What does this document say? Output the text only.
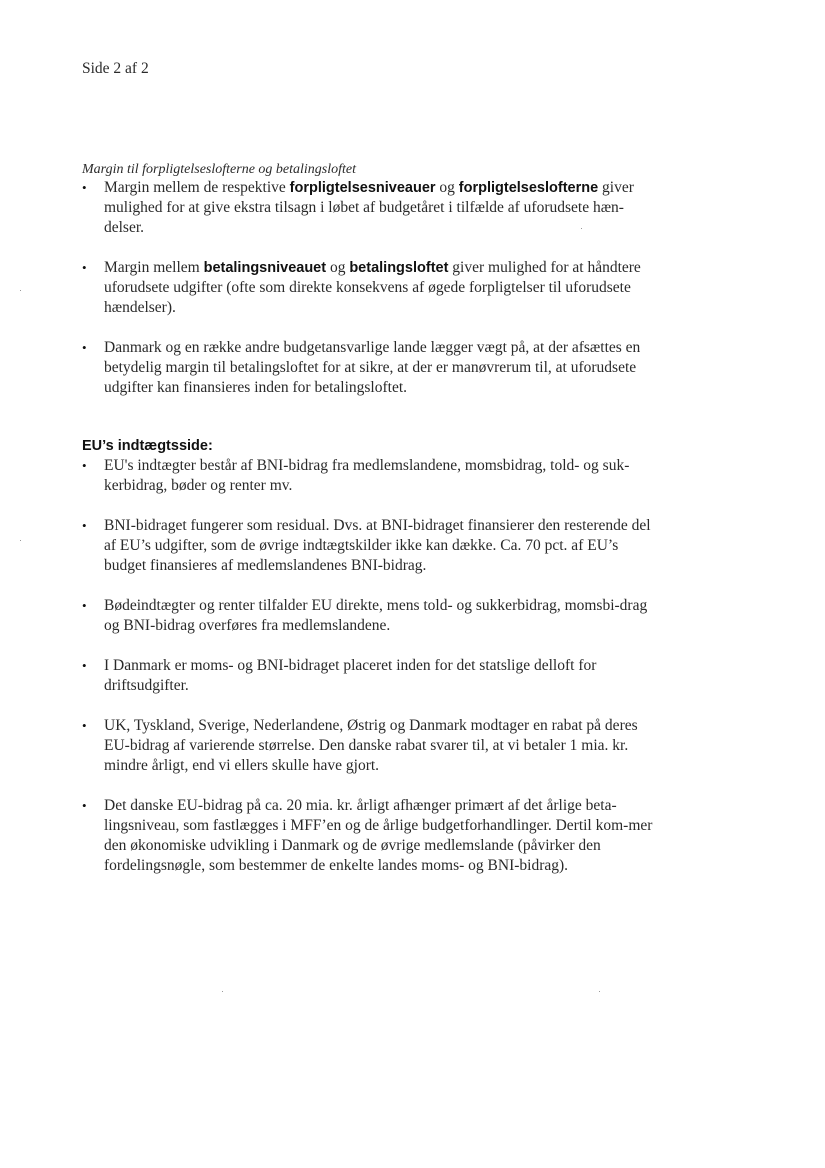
Side 2 af 2
Margin til forpligtelseslofterne og betalingsloftet
• Margin mellem de respektive forpligtelsesniveauer og forpligtelseslofterne giver mulighed for at give ekstra tilsagn i løbet af budgetåret i tilfælde af uforudsete hæn-delser.
• Margin mellem betalingsniveauet og betalingsloftet giver mulighed for at håndtere uforudsete udgifter (ofte som direkte konsekvens af øgede forpligtelser til uforudsete hændelser).
• Danmark og en række andre budgetansvarlige lande lægger vægt på, at der afsættes en betydelig margin til betalingsloftet for at sikre, at der er manøvrerum til, at uforudsete udgifter kan finansieres inden for betalingsloftet.
EU’s indtægtsside:
• EU's indtægter består af BNI-bidrag fra medlemslandene, momsbidrag, told- og suk-kerbidrag, bøder og renter mv.
• BNI-bidraget fungerer som residual. Dvs. at BNI-bidraget finansierer den resterende del af EU’s udgifter, som de øvrige indtægtskilder ikke kan dække. Ca. 70 pct. af EU’s budget finansieres af medlemslandenes BNI-bidrag.
• Bødeindtægter og renter tilfalder EU direkte, mens told- og sukkerbidrag, momsbi-drag og BNI-bidrag overføres fra medlemslandene.
• I Danmark er moms- og BNI-bidraget placeret inden for det statslige delloft for driftsudgifter.
• UK, Tyskland, Sverige, Nederlandene, Østrig og Danmark modtager en rabat på deres EU-bidrag af varierende størrelse. Den danske rabat svarer til, at vi betaler 1 mia. kr. mindre årligt, end vi ellers skulle have gjort.
• Det danske EU-bidrag på ca. 20 mia. kr. årligt afhænger primært af det årlige beta-lingsniveau, som fastlægges i MFF’en og de årlige budgetforhandlinger. Dertil kom-mer den økonomiske udvikling i Danmark og de øvrige medlemslande (påvirker den fordelingsnøgle, som bestemmer de enkelte landes moms- og BNI-bidrag).
